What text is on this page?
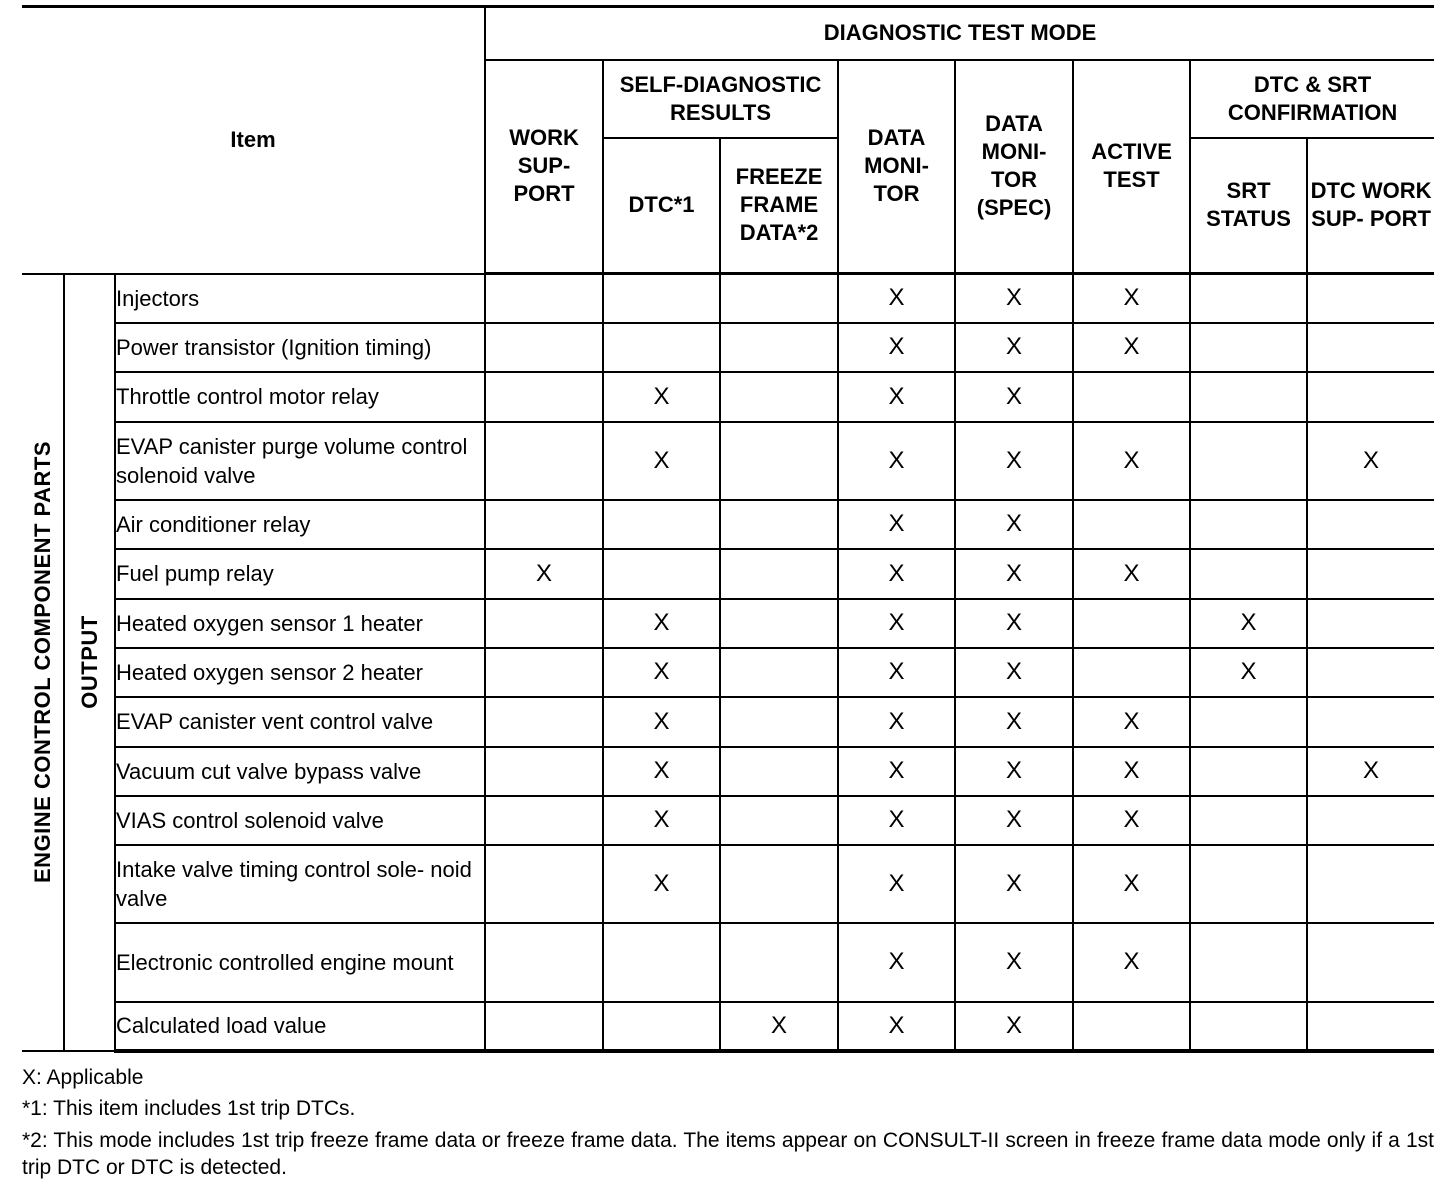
Item			DIAGNOSTIC TEST MODE							
			WORK SUP- PORT	SELF-DIAGNOSTIC RESULTS		DATA MONI- TOR	DATA MONI- TOR (SPEC)	ACTIVE TEST	DTC & SRT CONFIRMATION	
				DTC*1	FREEZE FRAME DATA*2				SRT STATUS	DTC WORK SUP- PORT

ENGINE CONTROL COMPONENT PARTS	OUTPUT	Injectors				X	X	X		
		Power transistor (Ignition timing)				X	X	X		
		Throttle control motor relay		X		X	X			
		EVAP canister purge volume control solenoid valve		X		X	X	X		X
		Air conditioner relay				X	X			
		Fuel pump relay	X			X	X	X		
		Heated oxygen sensor 1 heater		X		X	X		X	
		Heated oxygen sensor 2 heater		X		X	X		X	
		EVAP canister vent control valve		X		X	X	X		
		Vacuum cut valve bypass valve		X		X	X	X		X
		VIAS control solenoid valve		X		X	X	X		
		Intake valve timing control sole- noid valve		X		X	X	X		
		Electronic controlled engine mount				X	X	X		
		Calculated load value			X	X	X			

X: Applicable

*1: This item includes 1st trip DTCs.

*2: This mode includes 1st trip freeze frame data or freeze frame data. The items appear on CONSULT-II screen in freeze frame data mode only if a 1st trip DTC or DTC is detected.
